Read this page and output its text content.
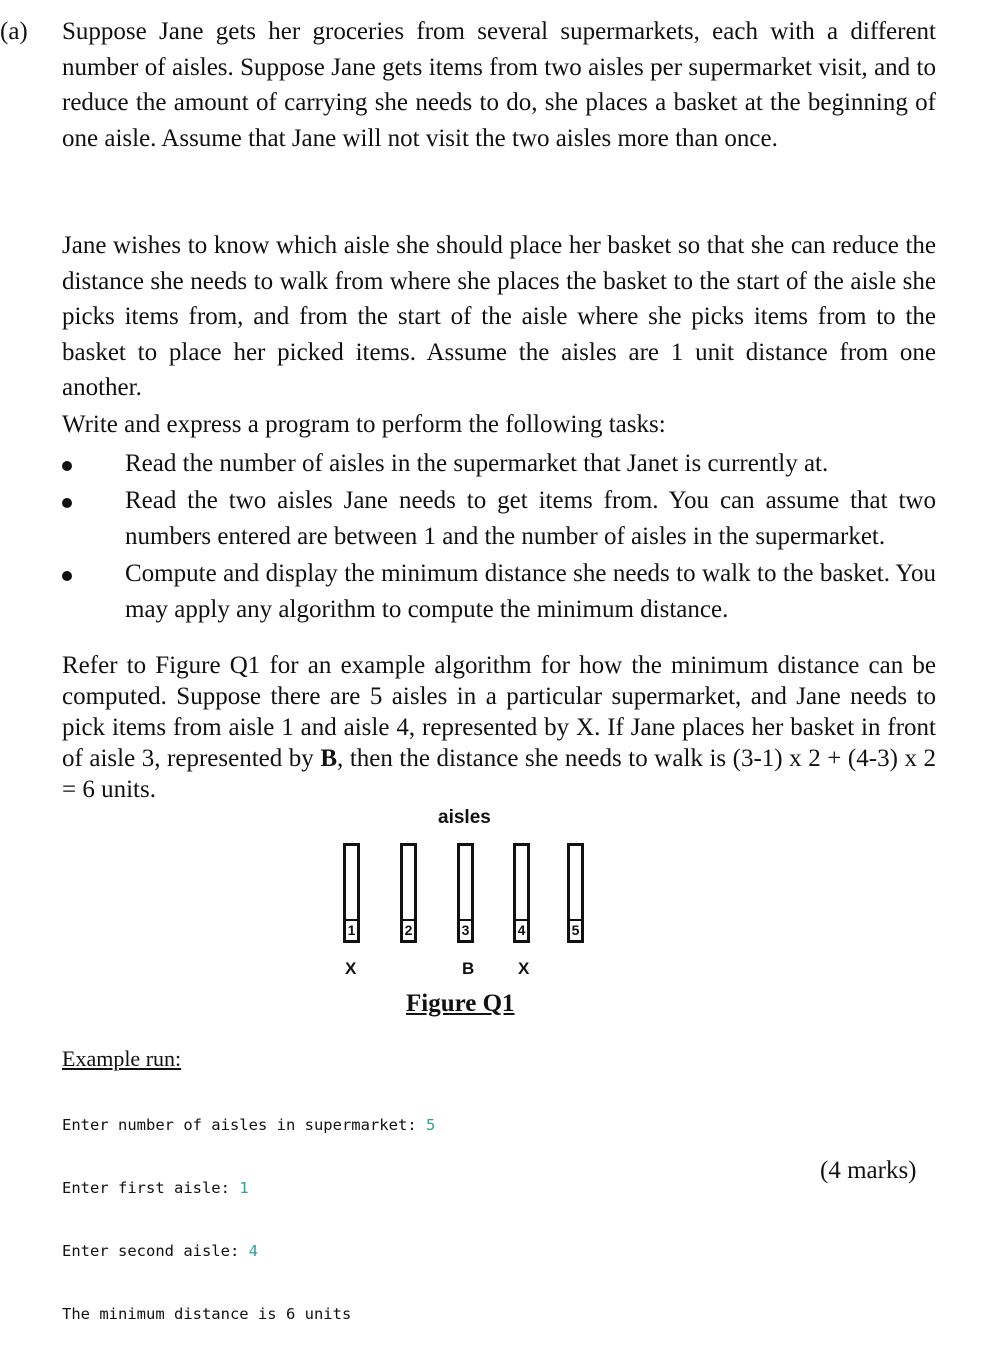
(a) Suppose Jane gets her groceries from several supermarkets, each with a different number of aisles. Suppose Jane gets items from two aisles per supermarket visit, and to reduce the amount of carrying she needs to do, she places a basket at the beginning of one aisle. Assume that Jane will not visit the two aisles more than once.

Jane wishes to know which aisle she should place her basket so that she can reduce the distance she needs to walk from where she places the basket to the start of the aisle she picks items from, and from the start of the aisle where she picks items from to the basket to place her picked items. Assume the aisles are 1 unit distance from one another.

Write and express a program to perform the following tasks:

Read the number of aisles in the supermarket that Janet is currently at.
Read the two aisles Jane needs to get items from. You can assume that two numbers entered are between 1 and the number of aisles in the supermarket.
Compute and display the minimum distance she needs to walk to the basket. You may apply any algorithm to compute the minimum distance.

Refer to Figure Q1 for an example algorithm for how the minimum distance can be computed. Suppose there are 5 aisles in a particular supermarket, and Jane needs to pick items from aisle 1 and aisle 4, represented by X. If Jane places her basket in front of aisle 3, represented by B, then the distance she needs to walk is (3-1) x 2 + (4-3) x 2 = 6 units.

aisles
1	2	3	4	5
X	B	X
Figure Q1
Example run:

Enter number of aisles in supermarket: 5

Enter first aisle: 1

Enter second aisle: 4

The minimum distance is 6 units

(4 marks)
